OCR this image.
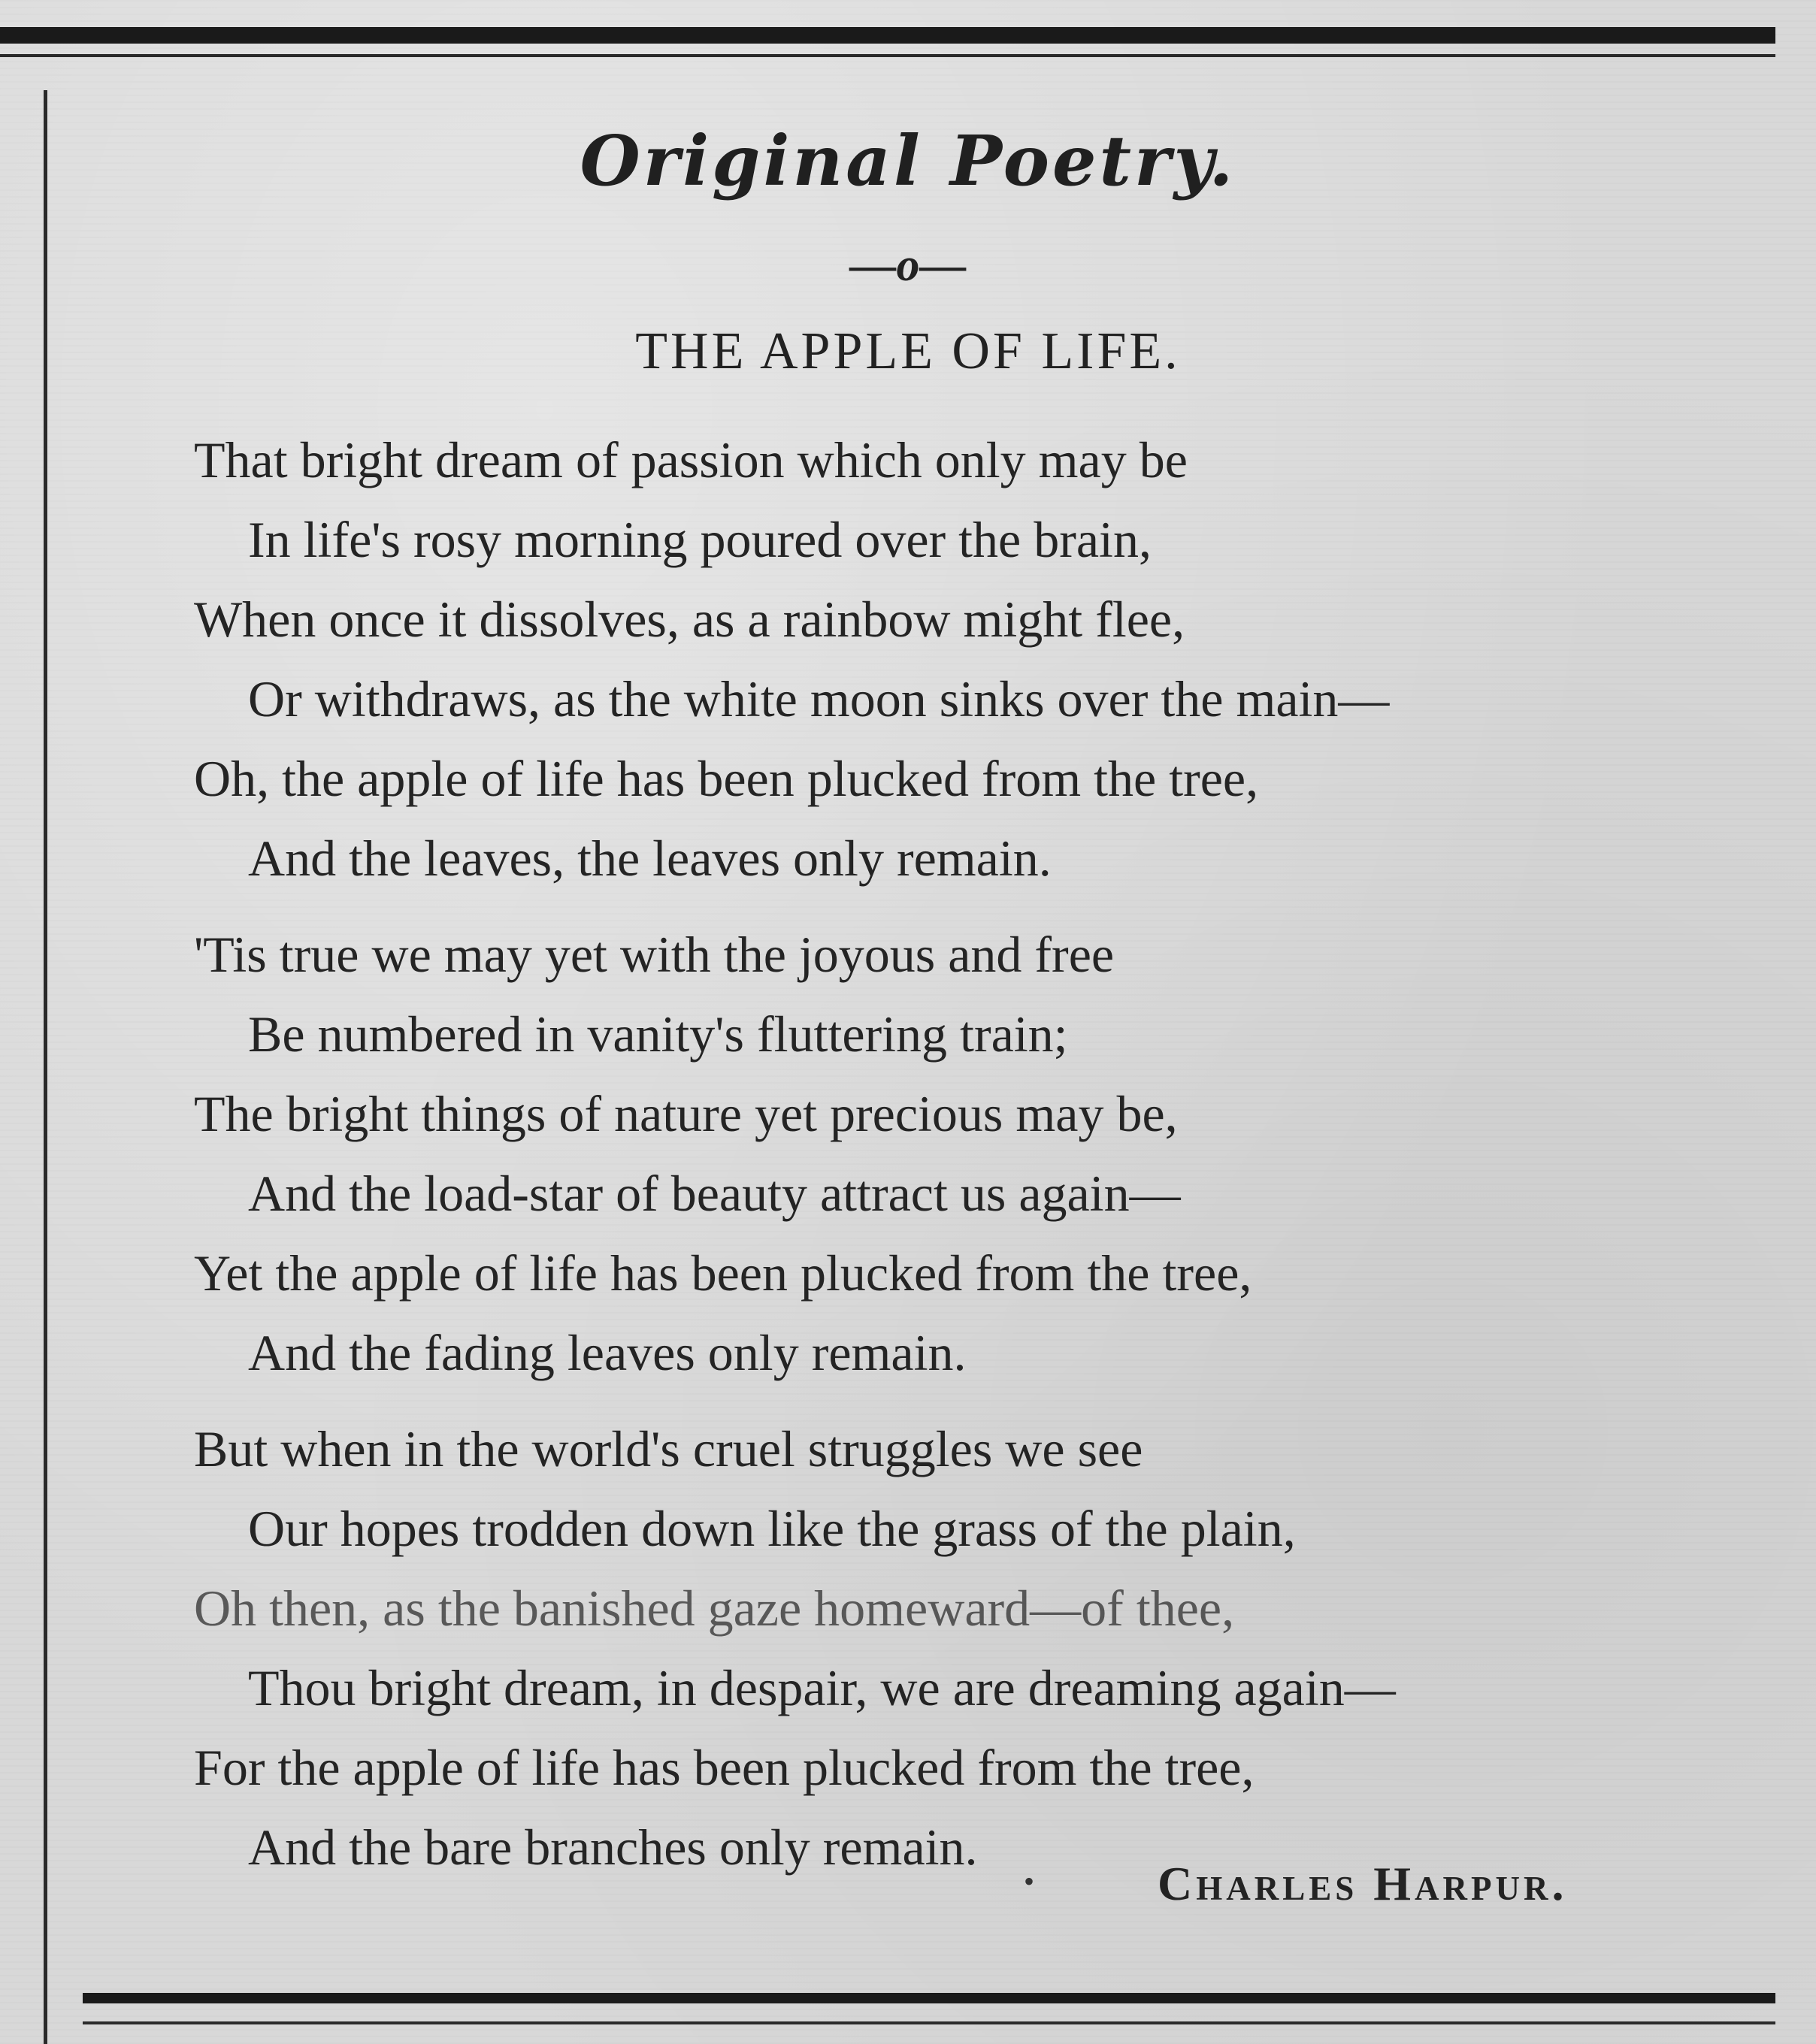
Original Poetry.
—o—
THE APPLE OF LIFE.
That bright dream of passion which only may be
In life's rosy morning poured over the brain,
When once it dissolves, as a rainbow might flee,
Or withdraws, as the white moon sinks over the main—
Oh, the apple of life has been plucked from the tree,
And the leaves, the leaves only remain.
'Tis true we may yet with the joyous and free
Be numbered in vanity's fluttering train;
The bright things of nature yet precious may be,
And the load-star of beauty attract us again—
Yet the apple of life has been plucked from the tree,
And the fading leaves only remain.
But when in the world's cruel struggles we see
Our hopes trodden down like the grass of the plain,
Oh then, as the banished gaze homeward—of thee,
Thou bright dream, in despair, we are dreaming again—
For the apple of life has been plucked from the tree,
And the bare branches only remain.
•	Charles Harpur.
